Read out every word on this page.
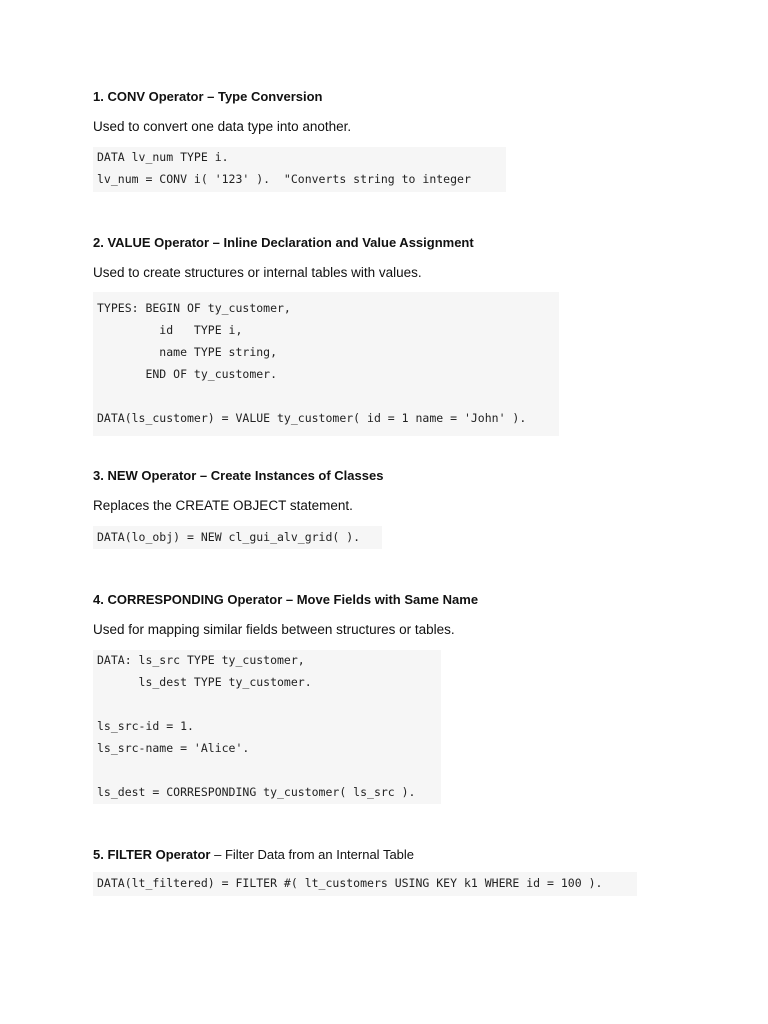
1. CONV Operator – Type Conversion

Used to convert one data type into another.

DATA lv_num TYPE i.
lv_num = CONV i( '123' ).  "Converts string to integer
2. VALUE Operator – Inline Declaration and Value Assignment

Used to create structures or internal tables with values.

TYPES: BEGIN OF ty_customer,
id   TYPE i,
name TYPE string,
END OF ty_customer.
DATA(ls_customer) = VALUE ty_customer( id = 1 name = 'John' ).
3. NEW Operator – Create Instances of Classes

Replaces the CREATE OBJECT statement.

DATA(lo_obj) = NEW cl_gui_alv_grid( ).
4. CORRESPONDING Operator – Move Fields with Same Name

Used for mapping similar fields between structures or tables.

DATA: ls_src TYPE ty_customer,
ls_dest TYPE ty_customer.
ls_src-id = 1.
ls_src-name = 'Alice'.
ls_dest = CORRESPONDING ty_customer( ls_src ).
5. FILTER Operator – Filter Data from an Internal Table
DATA(lt_filtered) = FILTER #( lt_customers USING KEY k1 WHERE id = 100 ).
